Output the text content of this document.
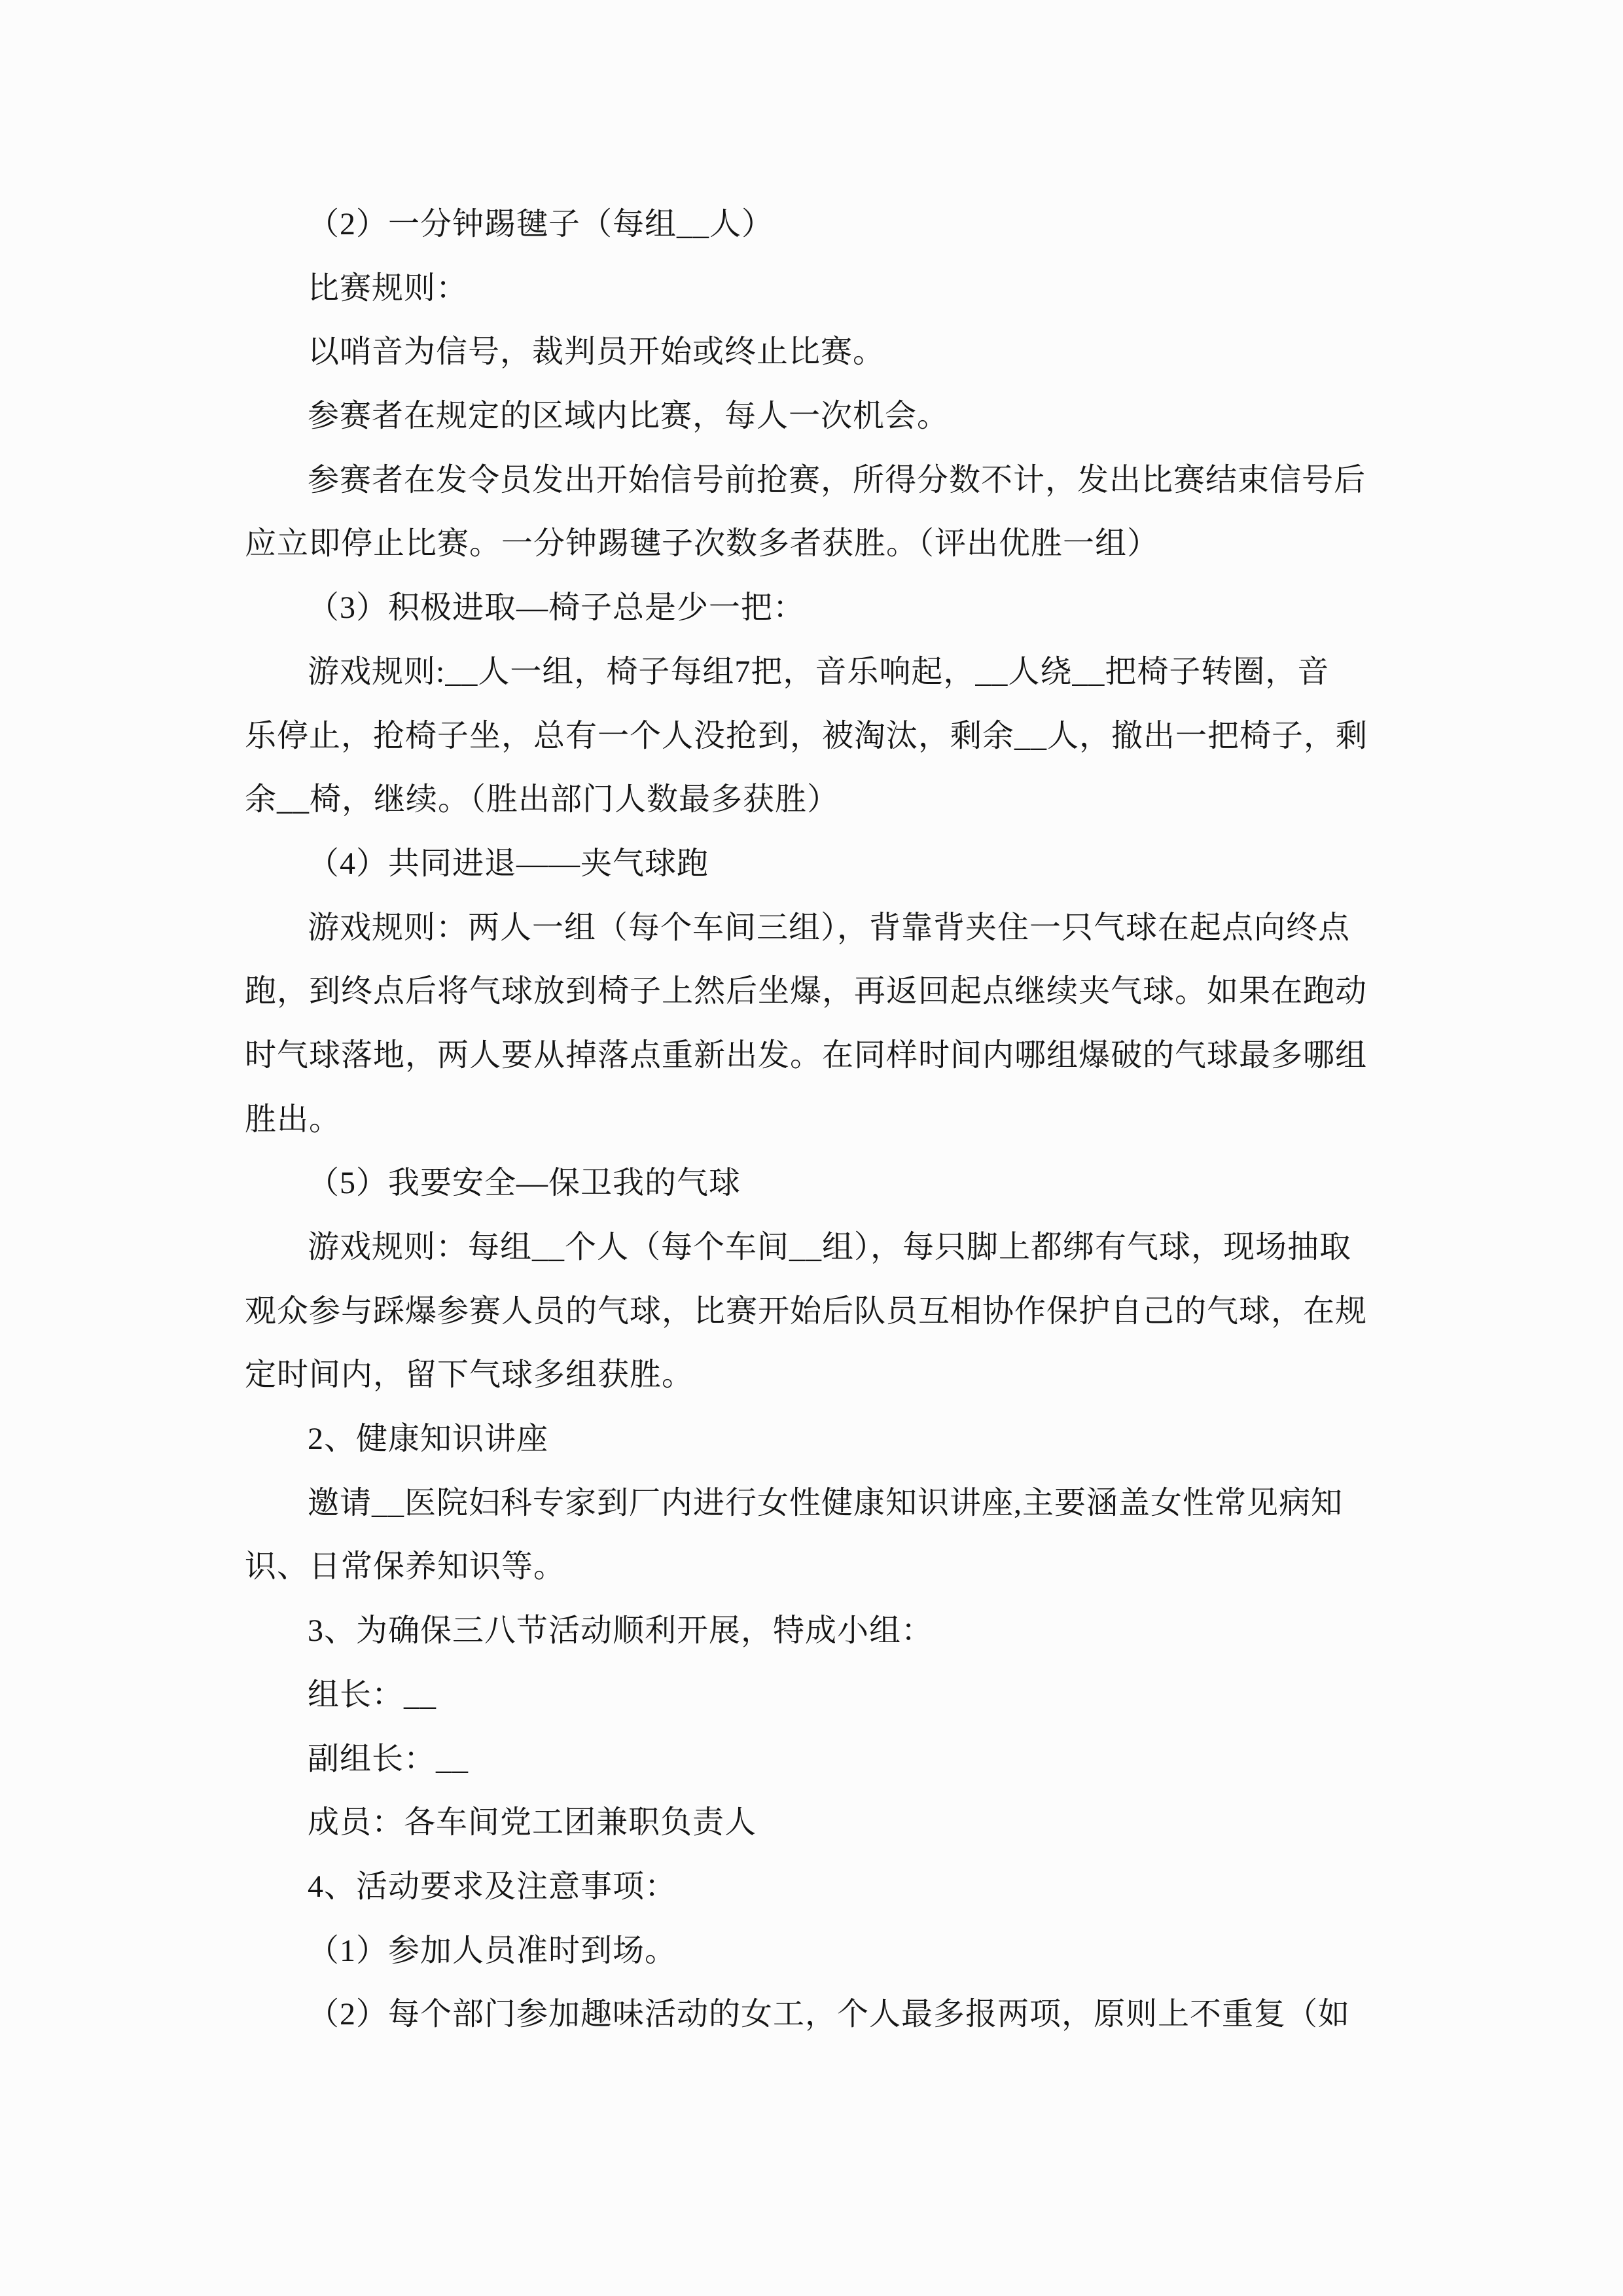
（2）一分钟踢毽子（每组__人）
比赛规则：
以哨音为信号，裁判员开始或终止比赛。
参赛者在规定的区域内比赛，每人一次机会。
参赛者在发令员发出开始信号前抢赛，所得分数不计，发出比赛结束信号后
应立即停止比赛。一分钟踢毽子次数多者获胜。（评出优胜一组）
（3）积极进取—椅子总是少一把：
游戏规则:__人一组，椅子每组7把，音乐响起，__人绕__把椅子转圈，音
乐停止，抢椅子坐，总有一个人没抢到，被淘汰，剩余__人，撤出一把椅子，剩
余__椅，继续。（胜出部门人数最多获胜）
（4）共同进退——夹气球跑
游戏规则：两人一组（每个车间三组），背靠背夹住一只气球在起点向终点
跑，到终点后将气球放到椅子上然后坐爆，再返回起点继续夹气球。如果在跑动
时气球落地，两人要从掉落点重新出发。在同样时间内哪组爆破的气球最多哪组
胜出。
（5）我要安全—保卫我的气球
游戏规则：每组__个人（每个车间__组），每只脚上都绑有气球，现场抽取
观众参与踩爆参赛人员的气球，比赛开始后队员互相协作保护自己的气球，在规
定时间内，留下气球多组获胜。
2、健康知识讲座
邀请__医院妇科专家到厂内进行女性健康知识讲座,主要涵盖女性常见病知
识、日常保养知识等。
3、为确保三八节活动顺利开展，特成小组：
组长：__
副组长：__
成员：各车间党工团兼职负责人
4、活动要求及注意事项：
（1）参加人员准时到场。
（2）每个部门参加趣味活动的女工，个人最多报两项，原则上不重复（如
